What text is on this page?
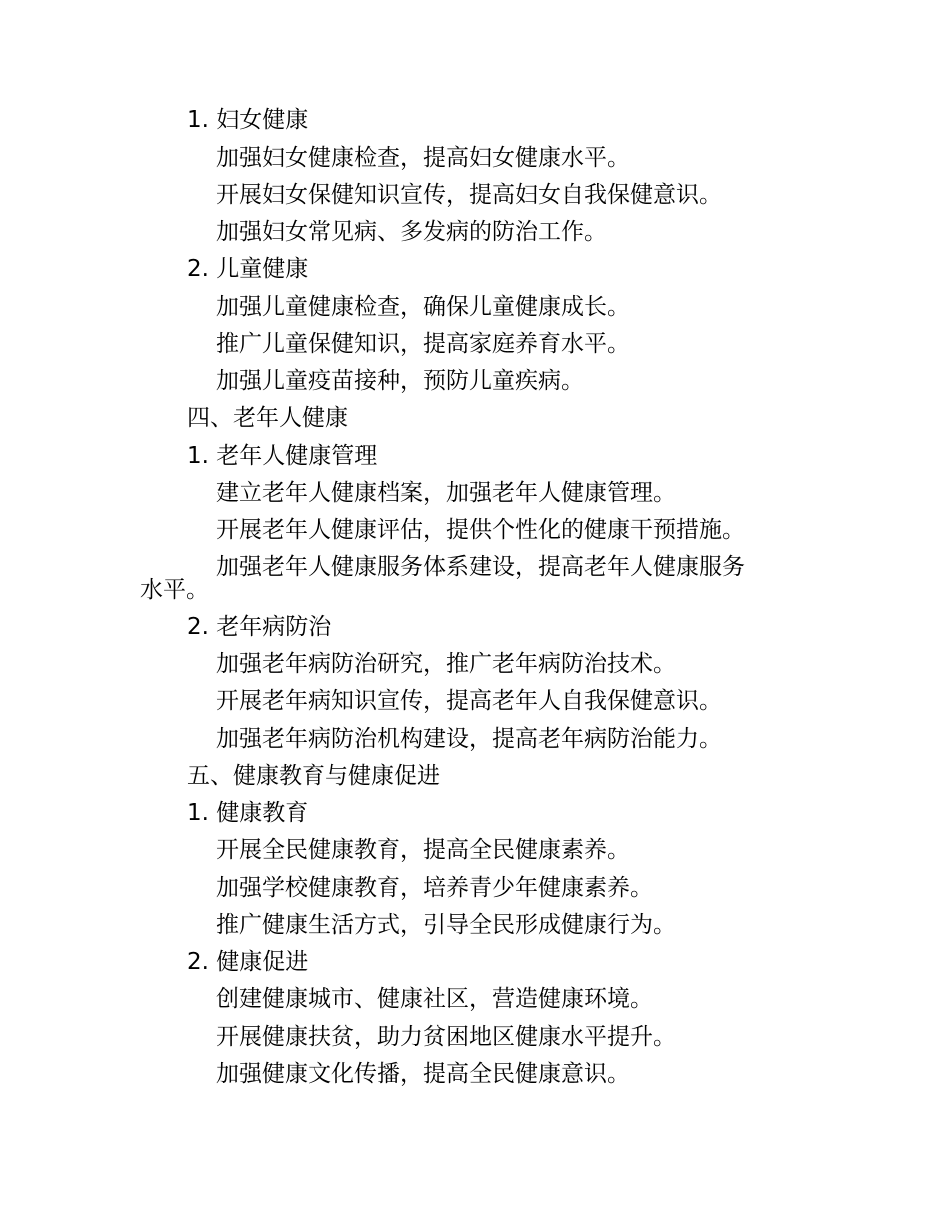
1. 妇女健康
加强妇女健康检查，提高妇女健康水平。
开展妇女保健知识宣传，提高妇女自我保健意识。
加强妇女常见病、多发病的防治工作。
2. 儿童健康
加强儿童健康检查，确保儿童健康成长。
推广儿童保健知识，提高家庭养育水平。
加强儿童疫苗接种，预防儿童疾病。
四、老年人健康
1. 老年人健康管理
建立老年人健康档案，加强老年人健康管理。
开展老年人健康评估，提供个性化的健康干预措施。
加强老年人健康服务体系建设，提高老年人健康服务
水平。
2. 老年病防治
加强老年病防治研究，推广老年病防治技术。
开展老年病知识宣传，提高老年人自我保健意识。
加强老年病防治机构建设，提高老年病防治能力。
五、健康教育与健康促进
1. 健康教育
开展全民健康教育，提高全民健康素养。
加强学校健康教育，培养青少年健康素养。
推广健康生活方式，引导全民形成健康行为。
2. 健康促进
创建健康城市、健康社区，营造健康环境。
开展健康扶贫，助力贫困地区健康水平提升。
加强健康文化传播，提高全民健康意识。
